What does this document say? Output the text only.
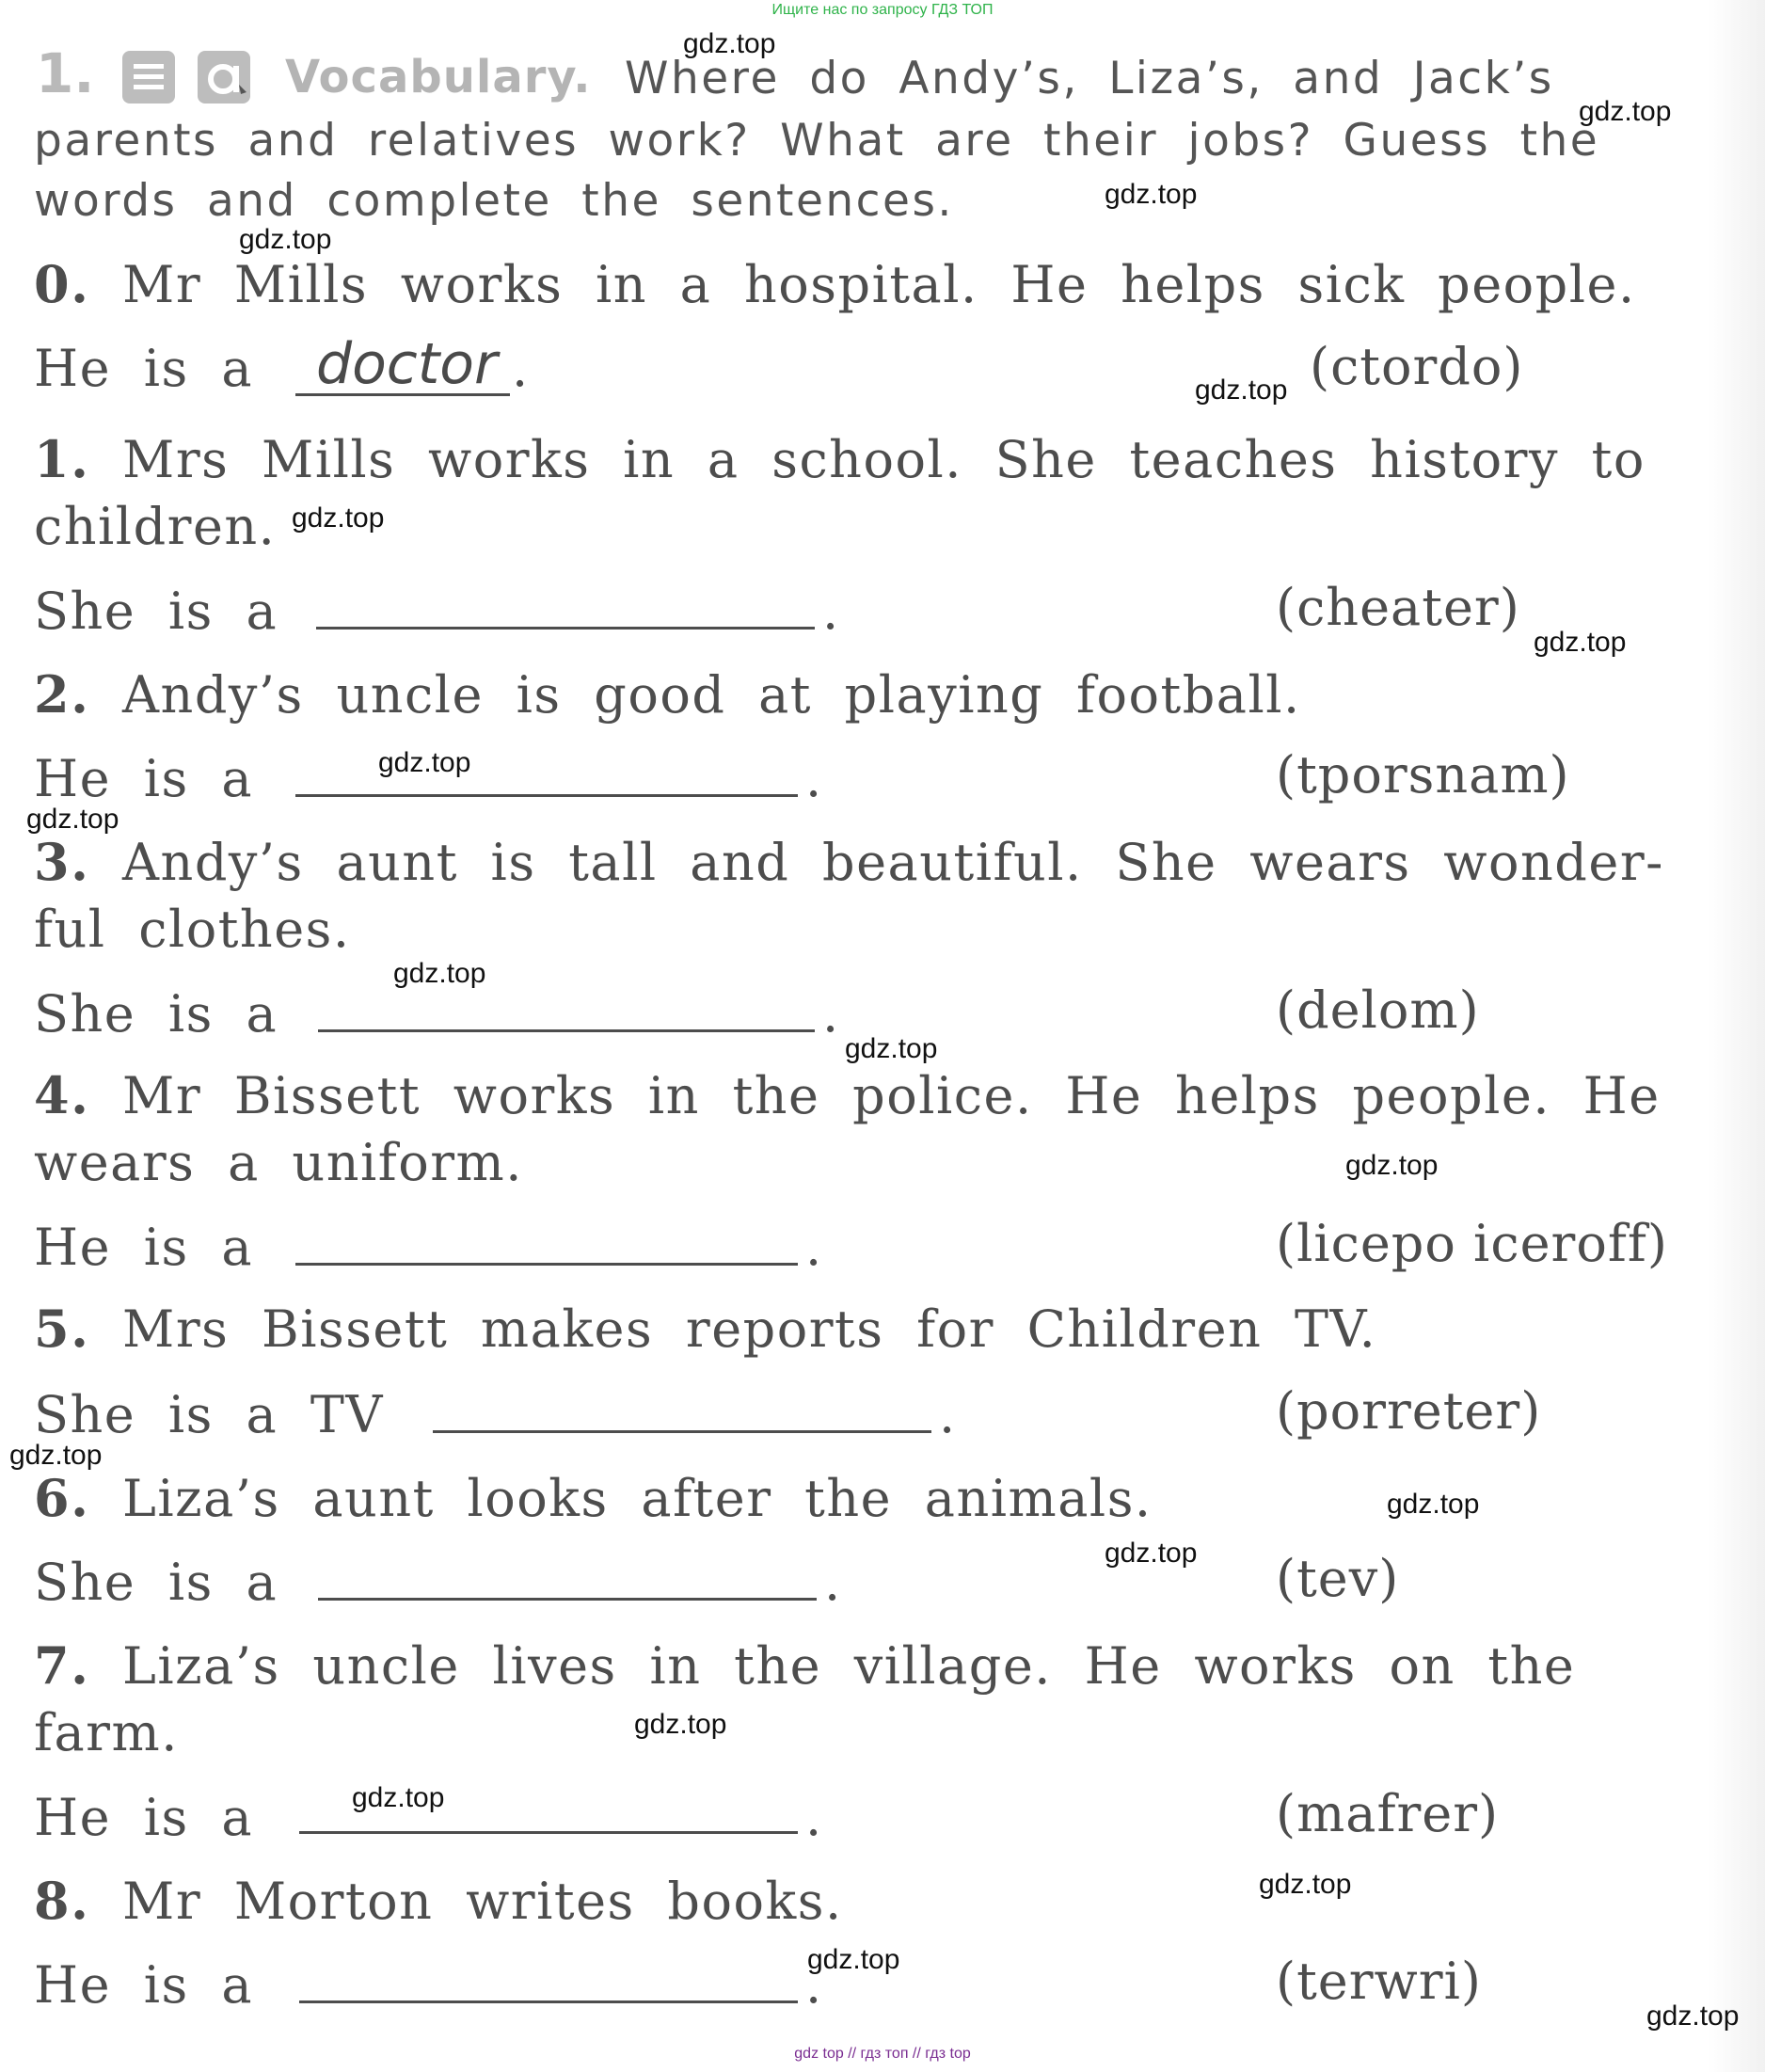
Ищите нас по запросу ГДЗ ТОП
gdz top // гдз топ // гдз top
1.	Vocabulary. Where do Andy’s, Liza’s, and Jack’s
parents and relatives work? What are their jobs? Guess the
words and complete the sentences.
0. Mr Mills works in a hospital. He helps sick people.
He is a doctor .	(ctordo)
1. Mrs Mills works in a school. She teaches history to
children.
She is a	.	(cheater)
2. Andy’s uncle is good at playing football.
He is a	.	(tporsnam)
3. Andy’s aunt is tall and beautiful. She wears wonder-
ful clothes.
She is a	.	(delom)
4. Mr Bissett works in the police. He helps people. He
wears a uniform.
He is a	.	(licepo iceroff)
5. Mrs Bissett makes reports for Children TV.
She is a TV	.	(porreter)
6. Liza’s aunt looks after the animals.
She is a	.	(tev)
7. Liza’s uncle lives in the village. He works on the
farm.
He is a	.	(mafrer)
8. Mr Morton writes books.
He is a	.	(terwri)
gdz.top
gdz.top
gdz.top
gdz.top
gdz.top
gdz.top
gdz.top
gdz.top
gdz.top
gdz.top
gdz.top
gdz.top
gdz.top
gdz.top
gdz.top
gdz.top
gdz.top
gdz.top
gdz.top
gdz.top
